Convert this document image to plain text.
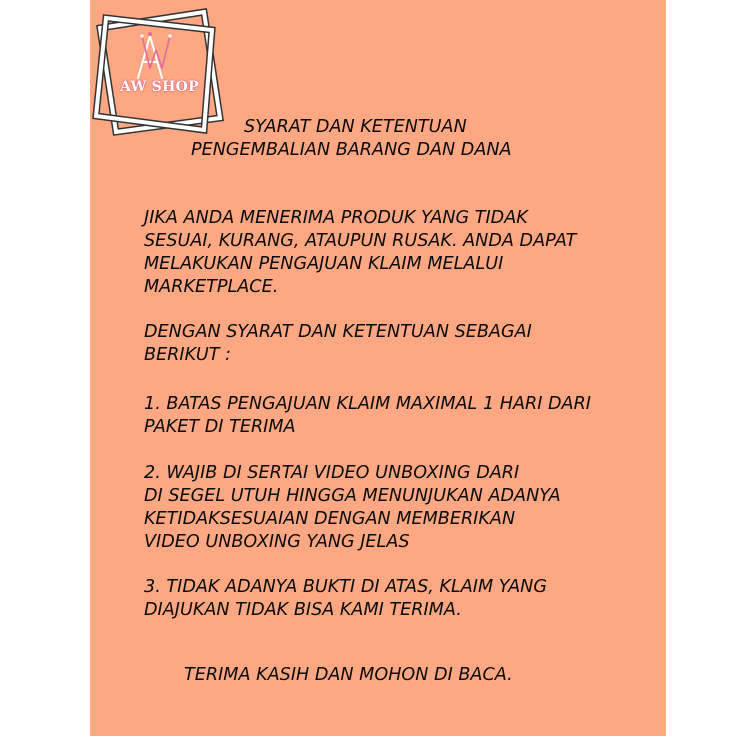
AW SHOP
SYARAT DAN KETENTUAN
PENGEMBALIAN BARANG DAN DANA
JIKA ANDA MENERIMA PRODUK YANG TIDAK
SESUAI, KURANG, ATAUPUN RUSAK. ANDA DAPAT
MELAKUKAN PENGAJUAN KLAIM MELALUI
MARKETPLACE.
DENGAN SYARAT DAN KETENTUAN SEBAGAI
BERIKUT :
1. BATAS PENGAJUAN KLAIM MAXIMAL 1 HARI DARI
PAKET DI TERIMA
2. WAJIB DI SERTAI VIDEO UNBOXING DARI
DI SEGEL UTUH HINGGA MENUNJUKAN ADANYA
KETIDAKSESUAIAN DENGAN MEMBERIKAN
VIDEO UNBOXING YANG JELAS
3. TIDAK ADANYA BUKTI DI ATAS, KLAIM YANG
DIAJUKAN TIDAK BISA KAMI TERIMA.
TERIMA KASIH DAN MOHON DI BACA.
